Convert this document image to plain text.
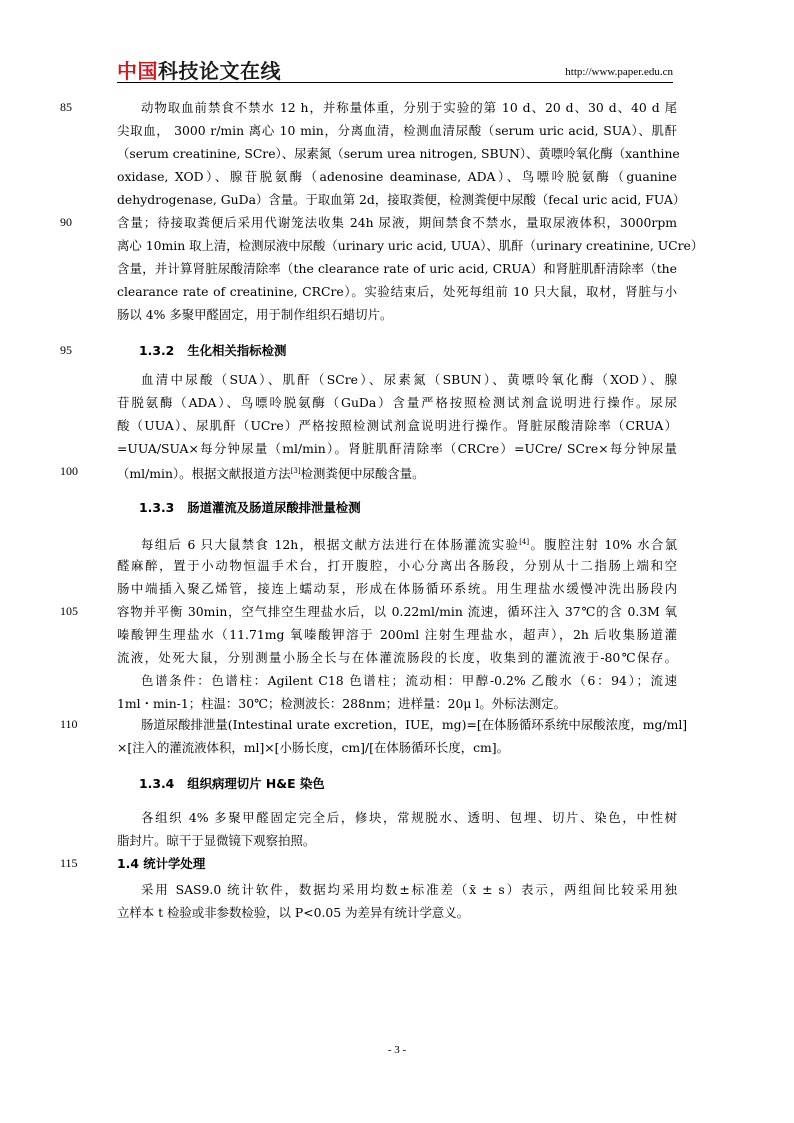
中国科技论文在线	http://www.paper.edu.cn
85
90
95
100
105
110
115
动物取血前禁食不禁水 12 h，并称量体重，分别于实验的第 10 d、20 d、30 d、40 d 尾
尖取血， 3000 r/min 离心 10 min，分离血清，检测血清尿酸（serum uric acid, SUA）、肌酐
（serum creatinine, SCre）、尿素氮（serum urea nitrogen, SBUN）、黄嘌呤氧化酶（xanthine
oxidase, XOD）、腺苷脱氨酶（adenosine deaminase, ADA）、鸟嘌呤脱氨酶（guanine
dehydrogenase, GuDa）含量。于取血第 2d，接取粪便，检测粪便中尿酸（fecal uric acid, FUA）
含量；待接取粪便后采用代谢笼法收集 24h 尿液，期间禁食不禁水，量取尿液体积，3000rpm
离心 10min 取上清，检测尿液中尿酸（urinary uric acid, UUA）、肌酐（urinary creatinine, UCre）
含量，并计算肾脏尿酸清除率（the clearance rate of uric acid, CRUA）和肾脏肌酐清除率（the
clearance rate of creatinine, CRCre）。实验结束后，处死每组前 10 只大鼠，取材，肾脏与小
肠以 4% 多聚甲醛固定，用于制作组织石蜡切片。
1.3.2 生化相关指标检测
血清中尿酸（SUA）、肌酐（SCre）、尿素氮（SBUN）、黄嘌呤氧化酶（XOD）、腺
苷脱氨酶（ADA）、鸟嘌呤脱氨酶（GuDa）含量严格按照检测试剂盒说明进行操作。尿尿
酸（UUA）、尿肌酐（UCre）严格按照检测试剂盒说明进行操作。肾脏尿酸清除率（CRUA）
=UUA/SUA×每分钟尿量（ml/min）。肾脏肌酐清除率（CRCre）=UCre/ SCre×每分钟尿量
（ml/min）。根据文献报道方法[3]检测粪便中尿酸含量。
1.3.3 肠道灌流及肠道尿酸排泄量检测
每组后 6 只大鼠禁食 12h，根据文献方法进行在体肠灌流实验[4]。腹腔注射 10% 水合氯
醛麻醉，置于小动物恒温手术台，打开腹腔，小心分离出各肠段，分别从十二指肠上端和空
肠中端插入聚乙烯管，接连上蠕动泵，形成在体肠循环系统。用生理盐水缓慢冲洗出肠段内
容物并平衡 30min，空气排空生理盐水后，以 0.22ml/min 流速，循环注入 37℃的含 0.3M 氧
嗪酸钾生理盐水（11.71mg 氧嗪酸钾溶于 200ml 注射生理盐水，超声），2h 后收集肠道灌
流液，处死大鼠，分别测量小肠全长与在体灌流肠段的长度，收集到的灌流液于-80℃保存。
色谱条件：色谱柱：Agilent C18 色谱柱；流动相：甲醇-0.2% 乙酸水（6：94）；流速
1ml・min-1；柱温：30℃；检测波长：288nm；进样量：20μ l。外标法测定。
肠道尿酸排泄量(Intestinal urate excretion，IUE，mg)=[在体肠循环系统中尿酸浓度，mg/ml]
×[注入的灌流液体积，ml]×[小肠长度，cm]/[在体肠循环长度，cm]。
1.3.4 组织病理切片 H&E 染色
各组织 4% 多聚甲醛固定完全后，修块，常规脱水、透明、包埋、切片、染色，中性树
脂封片。晾干于显微镜下观察拍照。
1.4 统计学处理
采用 SAS9.0 统计软件，数据均采用均数±标准差（x̄ ± s）表示，两组间比较采用独
立样本 t 检验或非参数检验，以 P<0.05 为差异有统计学意义。
- 3 -
